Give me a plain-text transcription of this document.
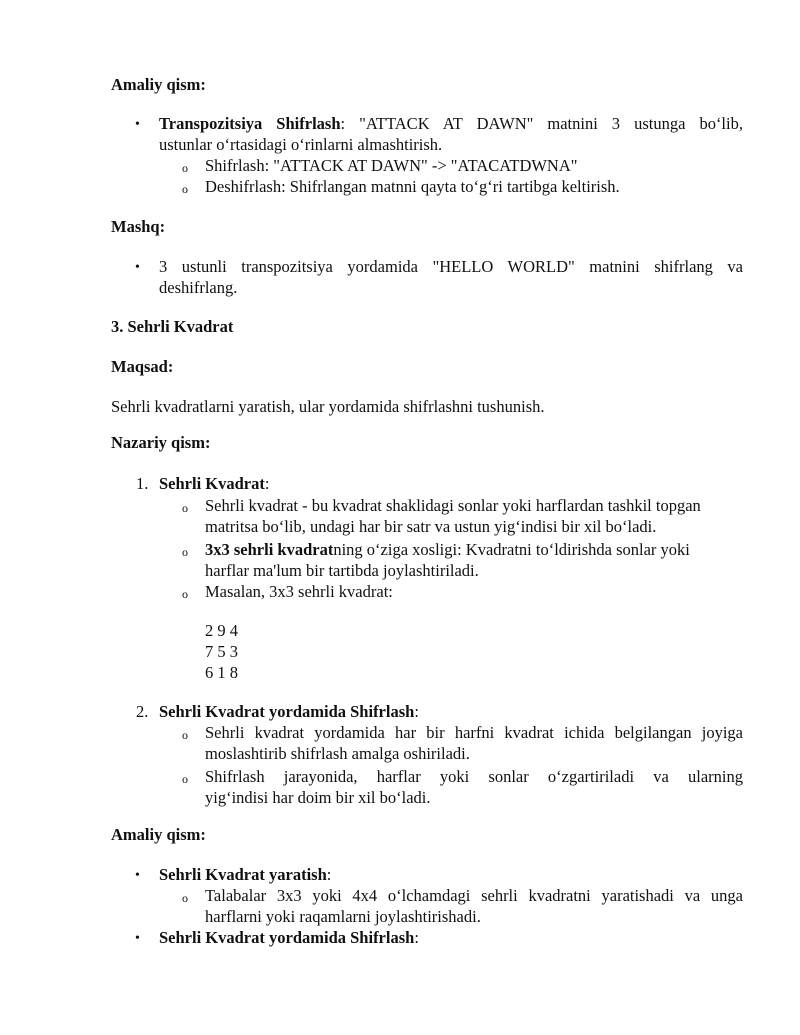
Amaliy qism:
• Transpozitsiya Shifrlash: "ATTACK AT DAWN" matnini 3 ustunga bo‘lib,
ustunlar o‘rtasidagi o‘rinlarni almashtirish.
o Shifrlash: "ATTACK AT DAWN" -> "ATACATDWNA"
o Deshifrlash: Shifrlangan matnni qayta to‘g‘ri tartibga keltirish.
Mashq:
• 3 ustunli transpozitsiya yordamida "HELLO WORLD" matnini shifrlang va
deshifrlang.
3. Sehrli Kvadrat
Maqsad:
Sehrli kvadratlarni yaratish, ular yordamida shifrlashni tushunish.
Nazariy qism:
1. Sehrli Kvadrat:
o Sehrli kvadrat - bu kvadrat shaklidagi sonlar yoki harflardan tashkil topgan
matritsa bo‘lib, undagi har bir satr va ustun yig‘indisi bir xil bo‘ladi.
o 3x3 sehrli kvadratning o‘ziga xosligi: Kvadratni to‘ldirishda sonlar yoki
harflar ma'lum bir tartibda joylashtiriladi.
o Masalan, 3x3 sehrli kvadrat:
2 9 4
7 5 3
6 1 8
2. Sehrli Kvadrat yordamida Shifrlash:
o Sehrli kvadrat yordamida har bir harfni kvadrat ichida belgilangan joyiga
moslashtirib shifrlash amalga oshiriladi.
o Shifrlash jarayonida, harflar yoki sonlar o‘zgartiriladi va ularning
yig‘indisi har doim bir xil bo‘ladi.
Amaliy qism:
• Sehrli Kvadrat yaratish:
o Talabalar 3x3 yoki 4x4 o‘lchamdagi sehrli kvadratni yaratishadi va unga
harflarni yoki raqamlarni joylashtirishadi.
• Sehrli Kvadrat yordamida Shifrlash:
